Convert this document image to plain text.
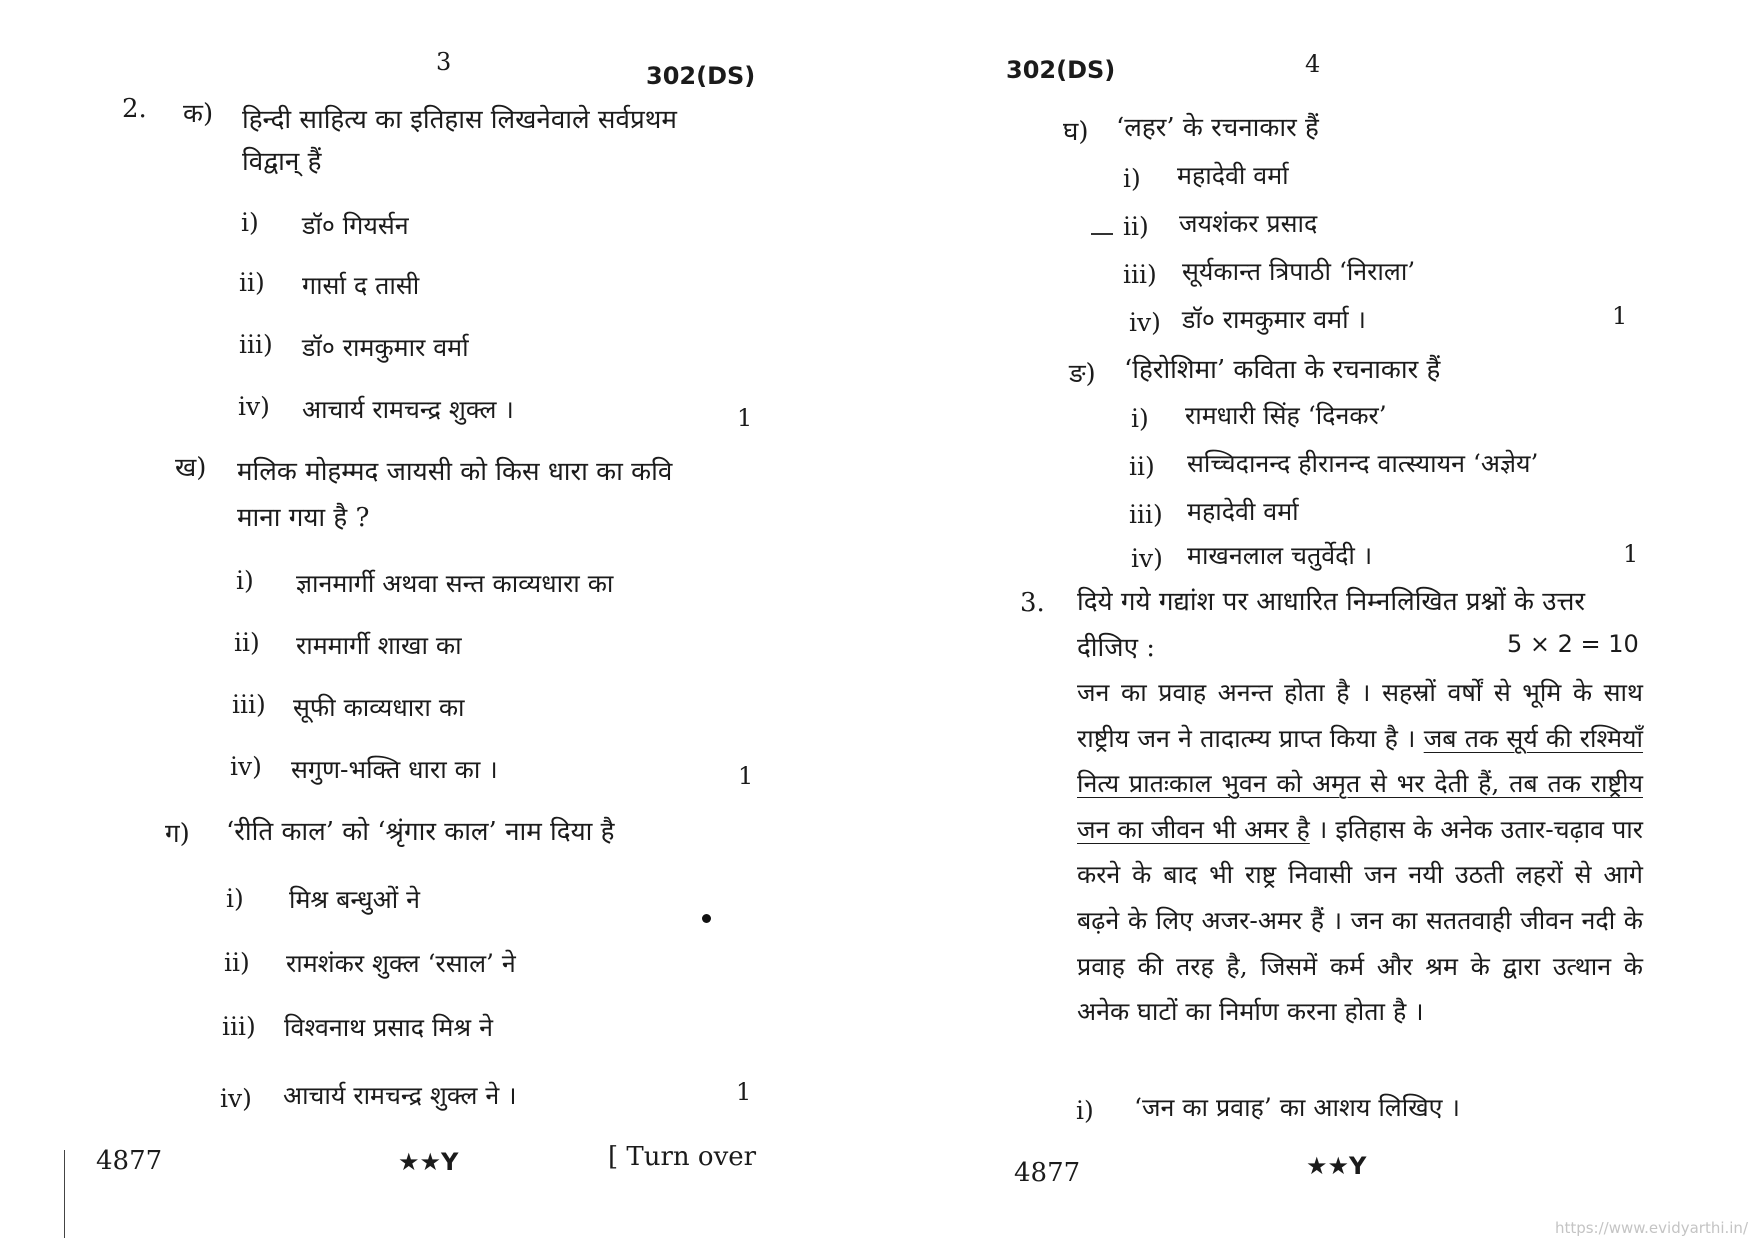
3	302(DS)
2. क) हिन्दी साहित्य का इतिहास लिखनेवाले सर्वप्रथम
विद्वान् हैं
i) डॉ० गियर्सन
ii) गार्सा द तासी
iii) डॉ० रामकुमार वर्मा
iv) आचार्य रामचन्द्र शुक्ल ।	1
ख) मलिक मोहम्मद जायसी को किस धारा का कवि
माना गया है ?
i) ज्ञानमार्गी अथवा सन्त काव्यधारा का
ii) राममार्गी शाखा का
iii) सूफी काव्यधारा का
iv) सगुण-भक्ति धारा का ।	1
ग) ‘रीति काल’ को ‘श्रृंगार काल’ नाम दिया है
i) मिश्र बन्धुओं ने
ii) रामशंकर शुक्ल ‘रसाल’ ने
iii) विश्वनाथ प्रसाद मिश्र ने
iv) आचार्य रामचन्द्र शुक्ल ने ।	1
4877	★★Y	[ Turn over
302(DS)	4
घ) ‘लहर’ के रचनाकार हैं
i) महादेवी वर्मा
ii) जयशंकर प्रसाद
iii) सूर्यकान्त त्रिपाठी ‘निराला’
iv) डॉ० रामकुमार वर्मा ।	1
ङ) ‘हिरोशिमा’ कविता के रचनाकार हैं
i) रामधारी सिंह ‘दिनकर’
ii) सच्चिदानन्द हीरानन्द वात्स्यायन ‘अज्ञेय’
iii) महादेवी वर्मा
iv) माखनलाल चतुर्वेदी ।	1
3. दिये गये गद्यांश पर आधारित निम्नलिखित प्रश्नों के उत्तर
दीजिए :	5 × 2 = 10
जन का प्रवाह अनन्त होता है । सहस्रों वर्षों से भूमि के साथ राष्ट्रीय जन ने तादात्म्य प्राप्त किया है । जब तक सूर्य की रश्मियाँ नित्य प्रातःकाल भुवन को अमृत से भर देती हैं, तब तक राष्ट्रीय जन का जीवन भी अमर है । इतिहास के अनेक उतार-चढ़ाव पार करने के बाद भी राष्ट्र निवासी जन नयी उठती लहरों से आगे बढ़ने के लिए अजर-अमर हैं । जन का सततवाही जीवन नदी के प्रवाह की तरह है, जिसमें कर्म और श्रम के द्वारा उत्थान के अनेक घाटों का निर्माण करना होता है ।
i) ‘जन का प्रवाह’ का आशय लिखिए ।
4877	★★Y
https://www.evidyarthi.in/
